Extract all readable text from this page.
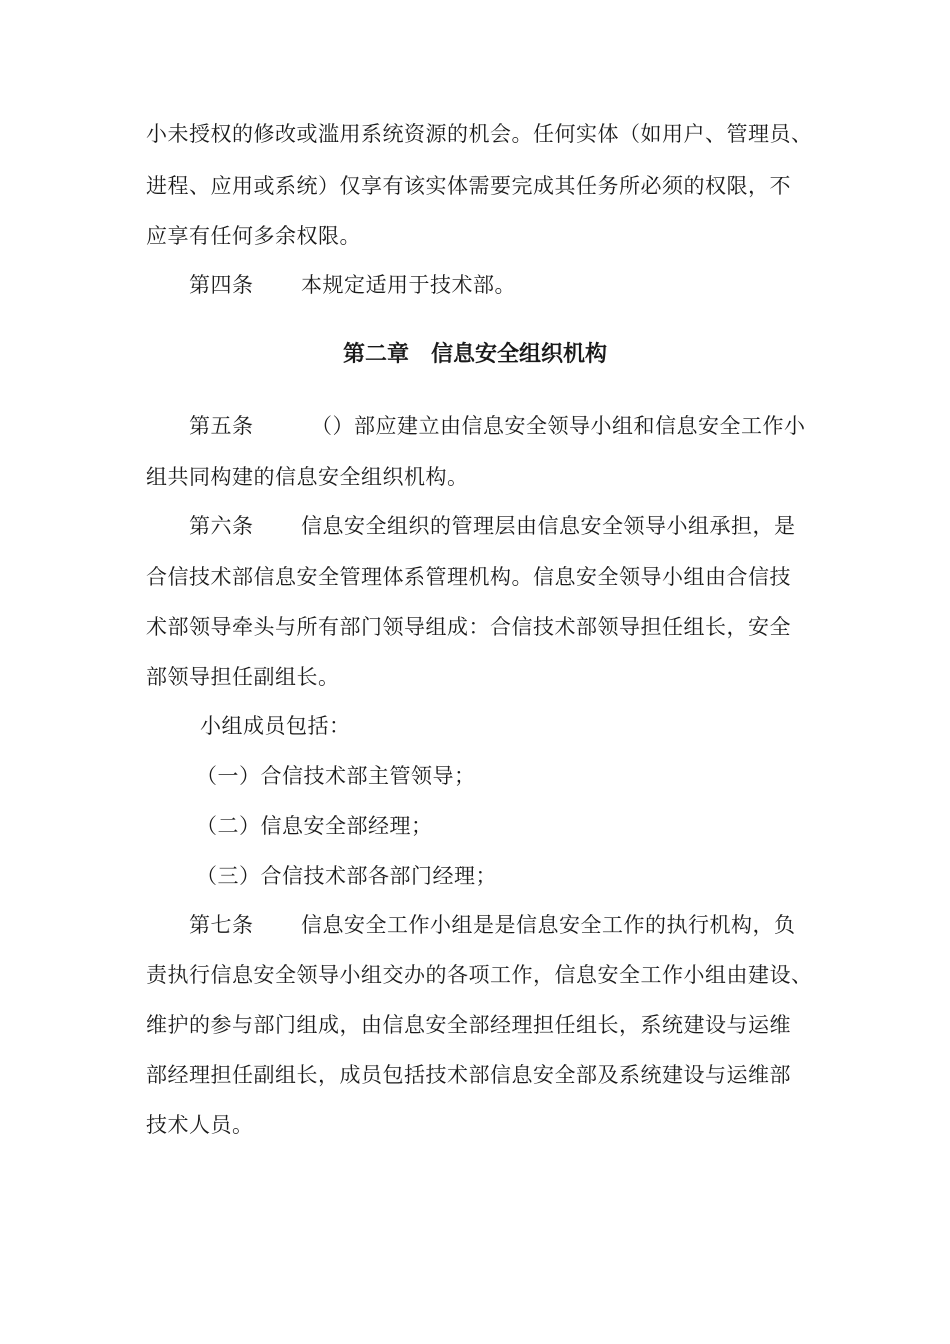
小未授权的修改或滥用系统资源的机会。任何实体（如用户、管理员、
进程、应用或系统）仅享有该实体需要完成其任务所必须的权限，不
应享有任何多余权限。
第四条 本规定适用于技术部。
第二章　 信息安全组织机构
第五条	（）部应建立由信息安全领导小组和信息安全工作小
组共同构建的信息安全组织机构。
第六条 信息安全组织的管理层由信息安全领导小组承担，是
合信技术部信息安全管理体系管理机构。信息安全领导小组由合信技
术部领导牵头与所有部门领导组成：合信技术部领导担任组长，安全
部领导担任副组长。
小组成员包括：
（一）合信技术部主管领导；
（二）信息安全部经理；
（三）合信技术部各部门经理；
第七条 信息安全工作小组是是信息安全工作的执行机构，负
责执行信息安全领导小组交办的各项工作，信息安全工作小组由建设、
维护的参与部门组成，由信息安全部经理担任组长，系统建设与运维
部经理担任副组长，成员包括技术部信息安全部及系统建设与运维部
技术人员。
